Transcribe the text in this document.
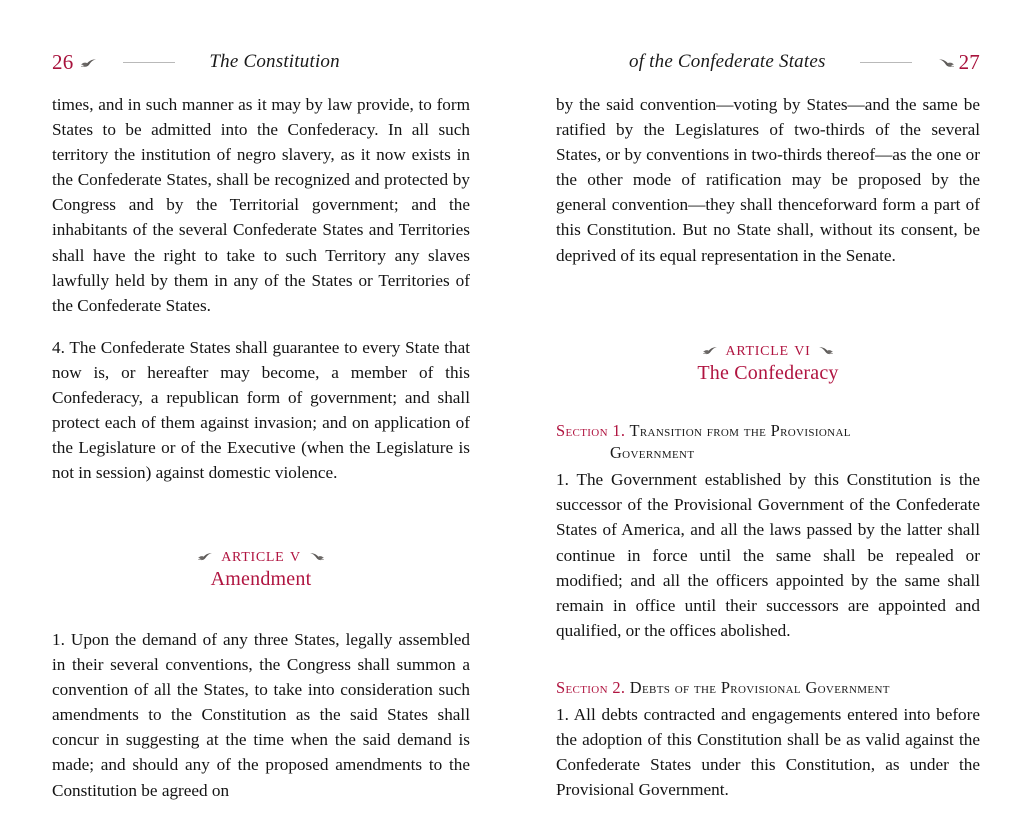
26	The Constitution	of the Confederate States	27

times, and in such manner as it may by law provide, to form States to be admitted into the Confederacy. In all such territory the institution of negro slavery, as it now exists in the Confederate States, shall be recognized and protected by Congress and by the Territorial government; and the inhabitants of the several Confederate States and Territories shall have the right to take to such Territory any slaves lawfully held by them in any of the States or Territories of the Confederate States.

4. The Confederate States shall guarantee to every State that now is, or hereafter may become, a member of this Confederacy, a republican form of government; and shall protect each of them against invasion; and on application of the Legislature or of the Executive (when the Legislature is not in session) against domestic violence.

article v
Amendment

1. Upon the demand of any three States, legally assembled in their several conventions, the Congress shall summon a convention of all the States, to take into consideration such amendments to the Constitution as the said States shall concur in suggesting at the time when the said demand is made; and should any of the proposed amendments to the Constitution be agreed on

by the said convention—voting by States—and the same be ratified by the Legislatures of two-thirds of the several States, or by conventions in two-thirds thereof—as the one or the other mode of ratification may be proposed by the general convention—they shall thenceforward form a part of this Constitution. But no State shall, without its consent, be deprived of its equal representation in the Senate.

article vi
The Confederacy
Section 1. Transition from the Provisional
Government

1. The Government established by this Constitution is the successor of the Provisional Government of the Confederate States of America, and all the laws passed by the latter shall continue in force until the same shall be repealed or modified; and all the officers appointed by the same shall remain in office until their successors are appointed and qualified, or the offices abolished.

Section 2. Debts of the Provisional Government

1. All debts contracted and engagements entered into before the adoption of this Constitution shall be as valid against the Confederate States under this Constitution, as under the Provisional Government.
